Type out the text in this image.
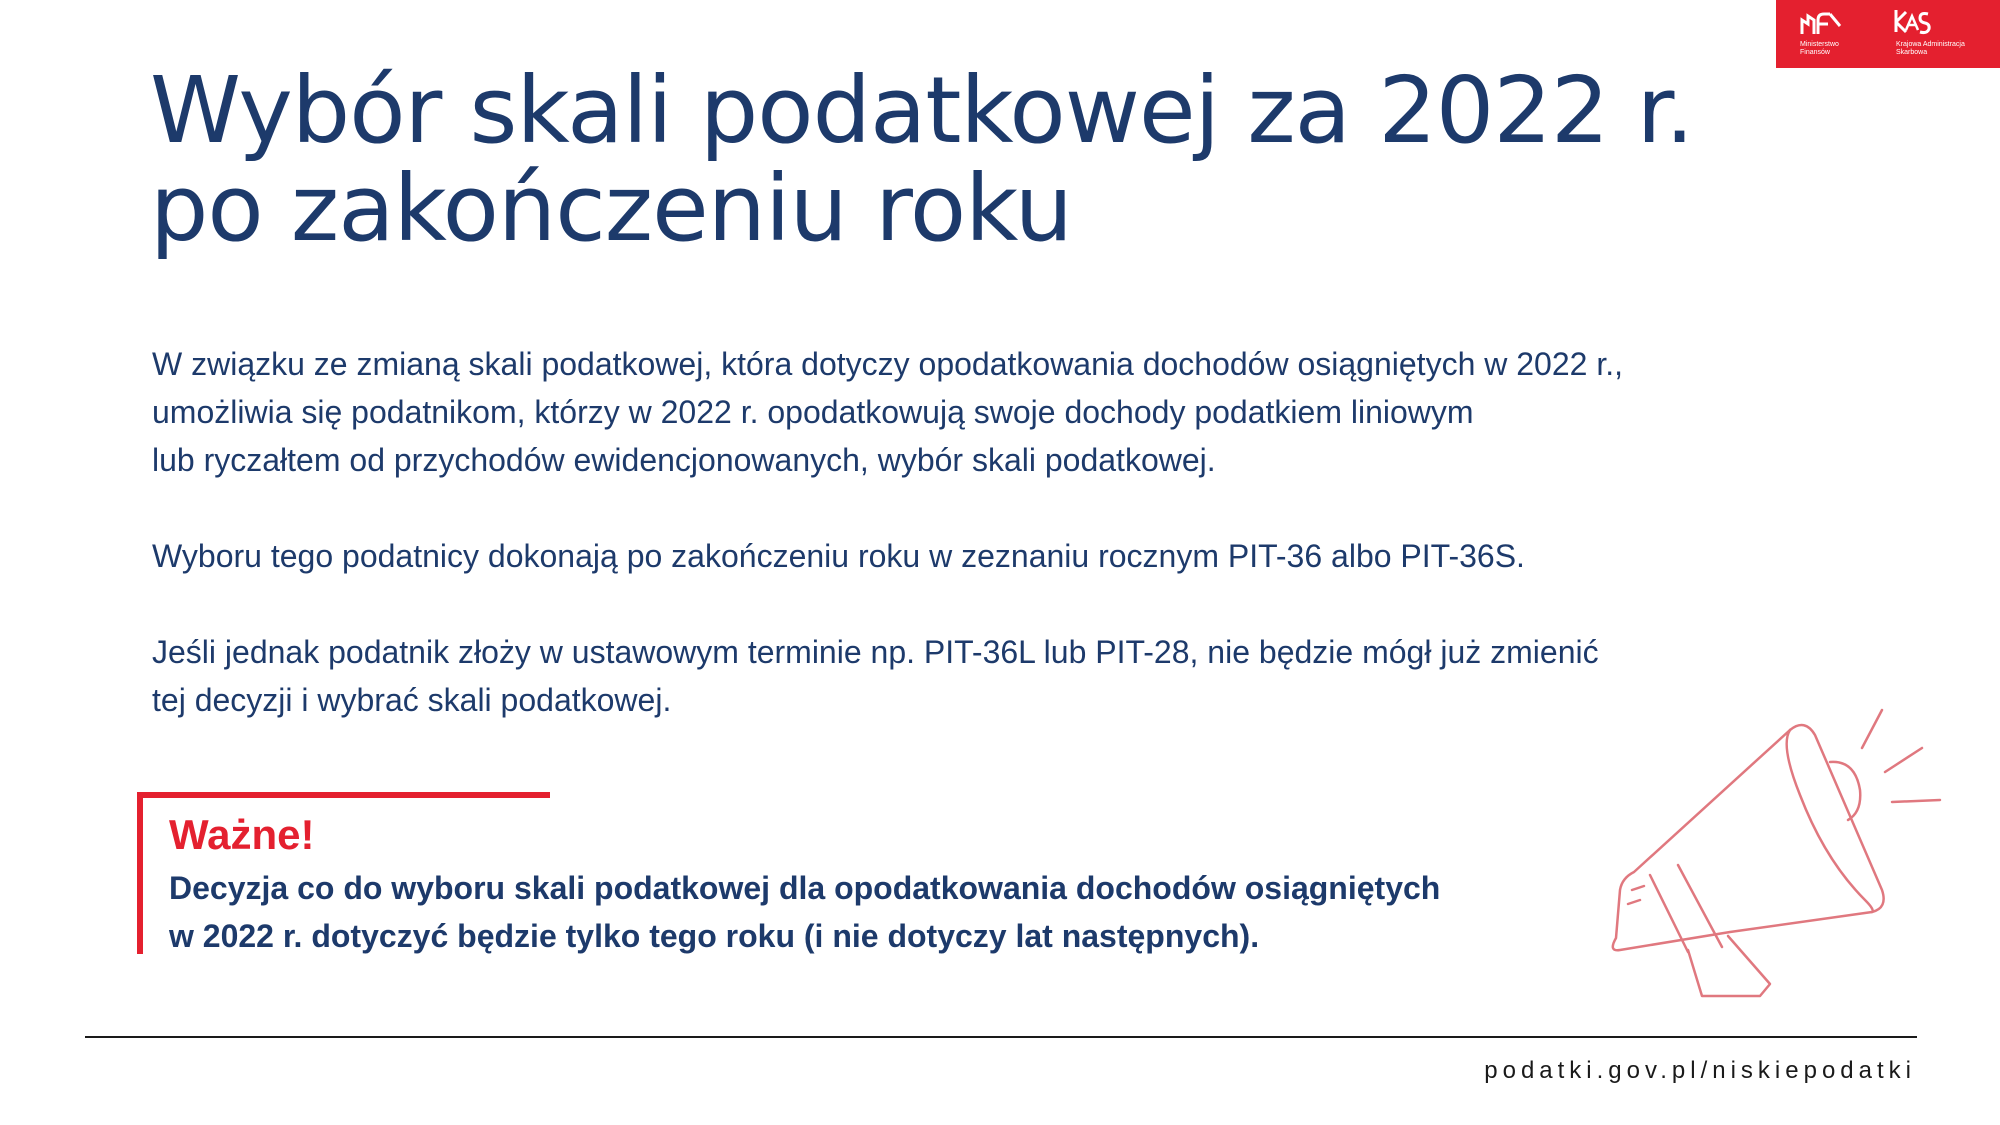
Ministerstwo
Finansów
Krajowa Administracja
Skarbowa
Wybór skali podatkowej za 2022 r. po zakończeniu roku

W związku ze zmianą skali podatkowej, która dotyczy opodatkowania dochodów osiągniętych w 2022 r.,
umożliwia się podatnikom, którzy w 2022 r. opodatkowują swoje dochody podatkiem liniowym
lub ryczałtem od przychodów ewidencjonowanych, wybór skali podatkowej.

Wyboru tego podatnicy dokonają po zakończeniu roku w zeznaniu rocznym PIT-36 albo PIT-36S.

Jeśli jednak podatnik złoży w ustawowym terminie np. PIT-36L lub PIT-28, nie będzie mógł już zmienić
tej decyzji i wybrać skali podatkowej.

Ważne!

Decyzja co do wyboru skali podatkowej dla opodatkowania dochodów osiągniętych
w 2022 r. dotyczyć będzie tylko tego roku (i nie dotyczy lat następnych).

podatki.gov.pl/niskiepodatki
